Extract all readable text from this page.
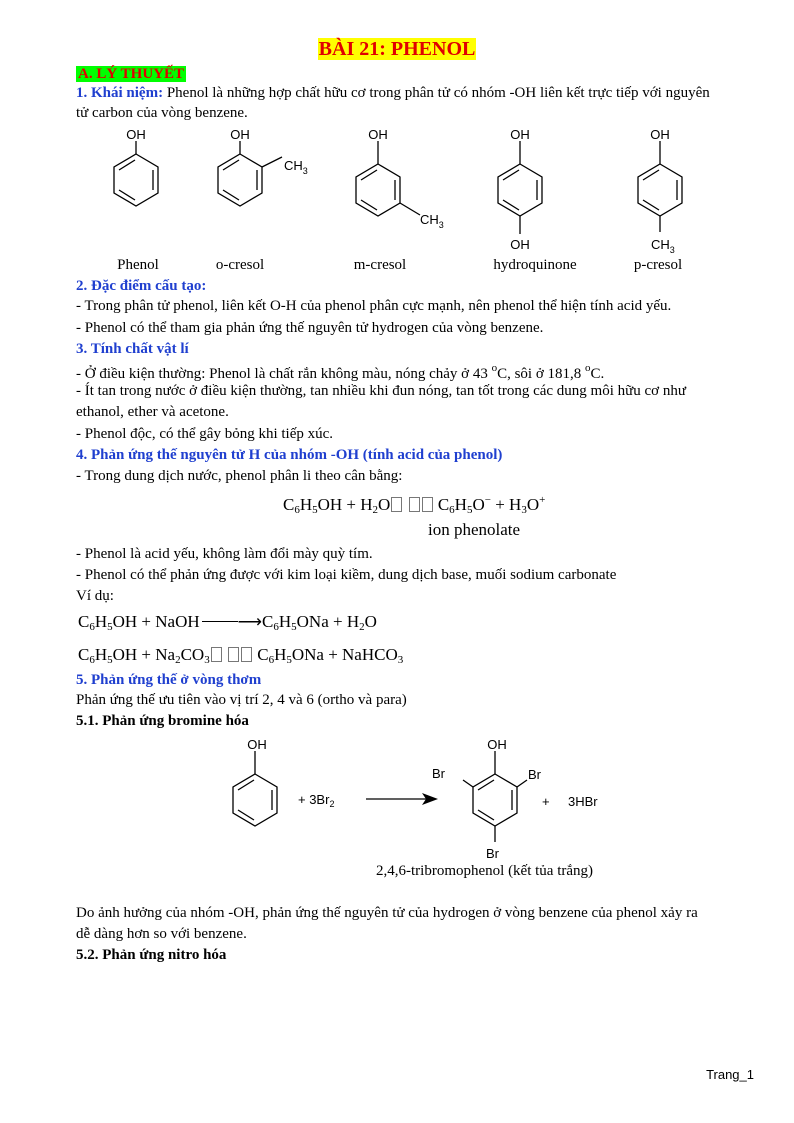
BÀI 21: PHENOL
A. LÝ THUYẾT
1. Khái niệm: Phenol là những hợp chất hữu cơ trong phân tử có nhóm -OH liên kết trực tiếp với nguyên
tử carbon của vòng benzene.
OH	OH
$CH_3$
OH
$CH_3$
OH
OH
OH
$CH_3$
Phenol	o-cresol	m-cresol	hydroquinone	p-cresol
2. Đặc điểm cấu tạo:
- Trong phân tử phenol, liên kết O-H của phenol phân cực mạnh, nên phenol thể hiện tính acid yếu.
- Phenol có thể tham gia phản ứng thế nguyên tử hydrogen của vòng benzene.
3. Tính chất vật lí
- Ở điều kiện thường: Phenol là chất rắn không màu, nóng chảy ở 43 $^o$C, sôi ở 181,8 $^o$C.
- Ít tan trong nước ở điều kiện thường, tan nhiều khi đun nóng, tan tốt trong các dung môi hữu cơ như
ethanol, ether và acetone.
- Phenol độc, có thể gây bỏng khi tiếp xúc.
4. Phản ứng thế nguyên tử H của nhóm -OH (tính acid của phenol)
- Trong dung dịch nước, phenol phân li theo cân bằng:
$C_6H_5OH + H_2O$	$C_6H_5O^- + H_3O^+$
ion phenolate
- Phenol là acid yếu, không làm đổi mày quỳ tím.
- Phenol có thể phản ứng được với kim loại kiềm, dung dịch base, muối sodium carbonate
Ví dụ:
$C_6H_5OH$ + NaOH $⟶C_6H_5ONa + H_2O$
$C_6H_5OH + Na_2CO_3$	$C_6H_5ONa$ + NaHCO$_3$
5. Phản ứng thế ở vòng thơm
Phản ứng thế ưu tiên vào vị trí 2, 4 và 6 (ortho và para)
5.1. Phản ứng bromine hóa
OH
+ $3Br_2$
OH
Br
Br
Br
+ 3HBr
2,4,6-tribromophenol (kết tủa trắng)
Do ảnh hưởng của nhóm -OH, phản ứng thế nguyên tử của hydrogen ở vòng benzene của phenol xảy ra
dễ dàng hơn so với benzene.
5.2. Phản ứng nitro hóa
Trang_1
